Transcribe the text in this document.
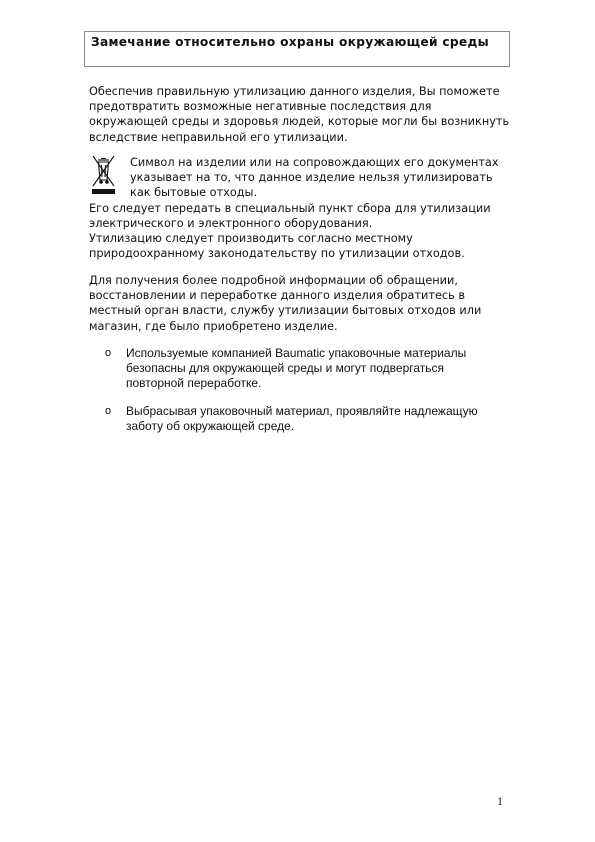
Замечание относительно охраны окружающей среды

Обеспечив правильную утилизацию данного изделия, Вы поможете предотвратить возможные негативные последствия для окружающей среды и здоровья людей, которые могли бы возникнуть вследствие неправильной его утилизации.

Символ на изделии или на сопровождающих его документах указывает на то, что данное изделие нельзя утилизировать как бытовые отходы.
Его следует передать в специальный пункт сбора для утилизации электрического и электронного оборудования.

Утилизацию следует производить согласно местному природоохранному законодательству по утилизации отходов.

Для получения более подробной информации об обращении, восстановлении и переработке данного изделия обратитесь в местный орган власти, службу утилизации бытовых отходов или магазин, где было приобретено изделие.

o	Используемые компанией Baumatic упаковочные материалы безопасны для окружающей среды и могут подвергаться повторной переработке.
o	Выбрасывая упаковочный материал, проявляйте надлежащую заботу об окружающей среде.
1
